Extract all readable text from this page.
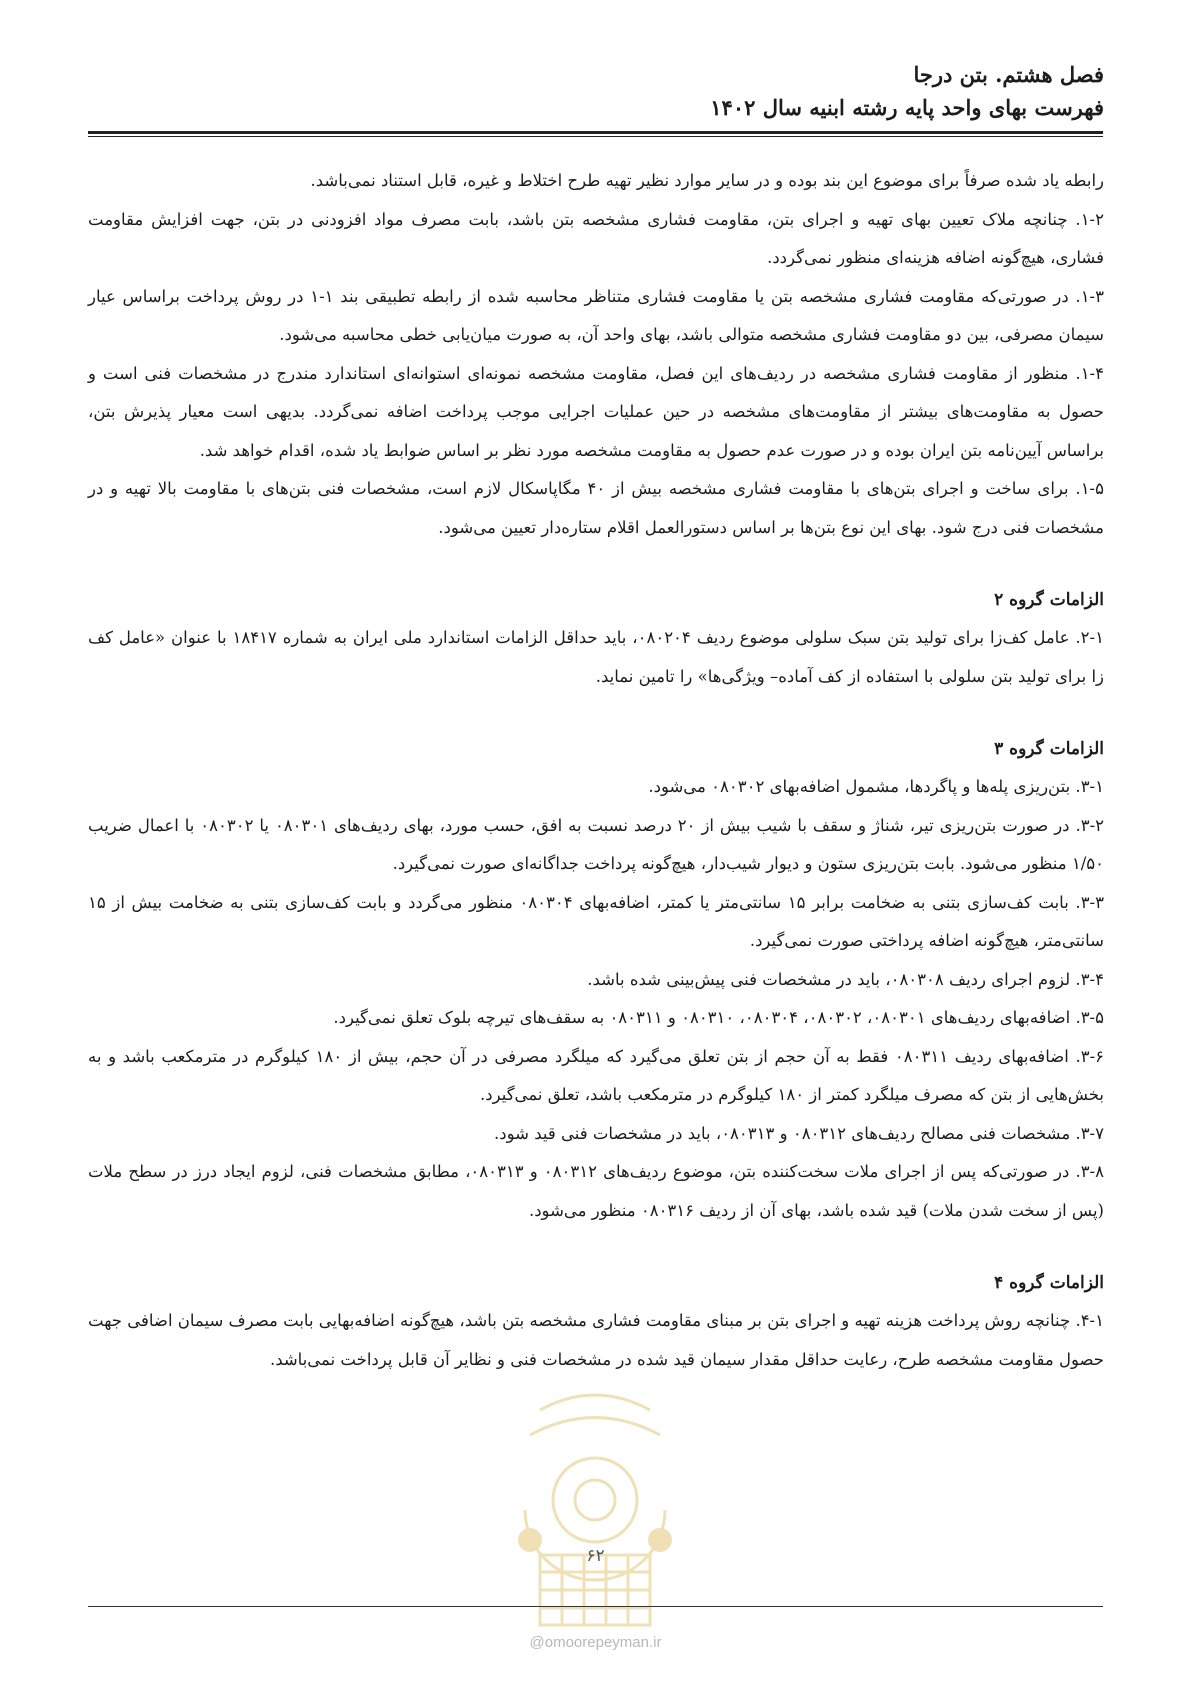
فصل هشتم. بتن درجا
فهرست بهای واحد پایه رشته ابنیه سال ۱۴۰۲

رابطه یاد شده صرفاً برای موضوع این بند بوده و در سایر موارد نظیر تهیه طرح اختلاط و غیره، قابل استناد نمی‌باشد.

۱-۲. چنانچه ملاک تعیین بهای تهیه و اجرای بتن، مقاومت فشاری مشخصه بتن باشد، بابت مصرف مواد افزودنی در بتن، جهت افزایش مقاومت فشاری، هیچ‌گونه اضافه هزینه‌ای منظور نمی‌گردد.

۱-۳. در صورتی‌که مقاومت فشاری مشخصه بتن یا مقاومت فشاری متناظر محاسبه شده از رابطه تطبیقی بند ۱-۱ در روش پرداخت براساس عیار سیمان مصرفی، بین دو مقاومت فشاری مشخصه متوالی باشد، بهای واحد آن، به صورت میان‌یابی خطی محاسبه می‌شود.

۱-۴. منظور از مقاومت فشاری مشخصه در ردیف‌های این فصل، مقاومت مشخصه نمونه‌ای استوانه‌ای استاندارد مندرج در مشخصات فنی است و حصول به مقاومت‌های بیشتر از مقاومت‌های مشخصه در حین عملیات اجرایی موجب پرداخت اضافه نمی‌گردد. بدیهی است معیار پذیرش بتن، براساس آیین‌نامه بتن ایران بوده و در صورت عدم حصول به مقاومت مشخصه مورد نظر بر اساس ضوابط یاد شده، اقدام خواهد شد.

۱-۵. برای ساخت و اجرای بتن‌های با مقاومت فشاری مشخصه بیش از ۴۰ مگاپاسکال لازم است، مشخصات فنی بتن‌های با مقاومت بالا تهیه و در مشخصات فنی درج شود. بهای این نوع بتن‌ها بر اساس دستورالعمل اقلام ستاره‌دار تعیین می‌شود.

الزامات گروه ۲

۲-۱. عامل کف‌زا برای تولید بتن سبک سلولی موضوع ردیف ۰۸۰۲۰۴، باید حداقل الزامات استاندارد ملی ایران به شماره ۱۸۴۱۷ با عنوان «عامل کف زا برای تولید بتن سلولی با استفاده از کف آماده– ویژگی‌ها» را تامین نماید.

الزامات گروه ۳

۳-۱. بتن‌ریزی پله‌ها و پاگردها، مشمول اضافه‌بهای ۰۸۰۳۰۲ می‌شود.

۳-۲. در صورت بتن‌ریزی تیر، شناژ و سقف با شیب بیش از ۲۰ درصد نسبت به افق، حسب مورد، بهای ردیف‌های ۰۸۰۳۰۱ یا ۰۸۰۳۰۲ با اعمال ضریب ۱/۵۰ منظور می‌شود. بابت بتن‌ریزی ستون و دیوار شیب‌دار، هیچ‌گونه پرداخت جداگانه‌ای صورت نمی‌گیرد.

۳-۳. بابت کف‌سازی بتنی به ضخامت برابر ۱۵ سانتی‌متر یا کمتر، اضافه‌بهای ۰۸۰۳۰۴ منظور می‌گردد و بابت کف‌سازی بتنی به ضخامت بیش از ۱۵ سانتی‌متر، هیچ‌گونه اضافه پرداختی صورت نمی‌گیرد.

۳-۴. لزوم اجرای ردیف ۰۸۰۳۰۸، باید در مشخصات فنی پیش‌بینی شده باشد.

۳-۵. اضافه‌بهای ردیف‌های ۰۸۰۳۰۱، ۰۸۰۳۰۲، ۰۸۰۳۰۴، ۰۸۰۳۱۰ و ۰۸۰۳۱۱ به سقف‌های تیرچه بلوک تعلق نمی‌گیرد.

۳-۶. اضافه‌بهای ردیف ۰۸۰۳۱۱ فقط به آن حجم از بتن تعلق می‌گیرد که میلگرد مصرفی در آن حجم، بیش از ۱۸۰ کیلوگرم در مترمکعب باشد و به بخش‌هایی از بتن که مصرف میلگرد کمتر از ۱۸۰ کیلوگرم در مترمکعب باشد، تعلق نمی‌گیرد.

۳-۷. مشخصات فنی مصالح ردیف‌های ۰۸۰۳۱۲ و ۰۸۰۳۱۳، باید در مشخصات فنی قید شود.

۳-۸. در صورتی‌که پس از اجرای ملات سخت‌کننده بتن، موضوع ردیف‌های ۰۸۰۳۱۲ و ۰۸۰۳۱۳، مطابق مشخصات فنی، لزوم ایجاد درز در سطح ملات (پس از سخت شدن ملات) قید شده باشد، بهای آن از ردیف ۰۸۰۳۱۶ منظور می‌شود.

الزامات گروه ۴

۴-۱. چنانچه روش پرداخت هزینه تهیه و اجرای بتن بر مبنای مقاومت فشاری مشخصه بتن باشد، هیچ‌گونه اضافه‌بهایی بابت مصرف سیمان اضافی جهت حصول مقاومت مشخصه طرح، رعایت حداقل مقدار سیمان قید شده در مشخصات فنی و نظایر آن قابل پرداخت نمی‌باشد.

۶۲
@omoorepeyman.ir
